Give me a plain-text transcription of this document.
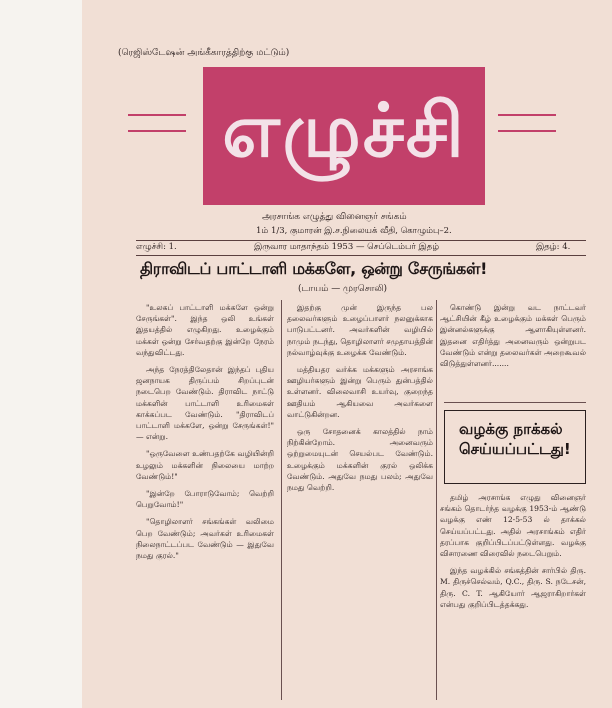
(ரெஜிஸ்டேஷன் அங்கீகாரத்திற்கு மட்டும்)
எழுச்சி
அரசாங்க எழுத்து வினைஞர் சங்கம்
1ம் 1/3, குமாரன் இ.ச.நிலையக் வீதி, கொழும்பு–2.
எழுச்சி: 1.	இருவார மாதாந்தம் 1953 — செப்டெம்பர் இதழ்	இதழ்: 4.
திராவிடப் பாட்டாளி மக்களே, ஒன்று சேருங்கள்!
(டாயம் — முரசொலி)

"உலகப் பாட்டாளி மக்களே ஒன்று சேருங்கள்". இந்த ஒலி உங்கள் இதயத்தில் எழுகிறது. உழைக்கும் மக்கள் ஒன்று சேர்வதற்கு இன்றே நேரம் வந்துவிட்டது.

அந்த நேரத்திலேதான் இந்தப் புதிய ஜனநாயக திருப்பம் சிறப்புடன் நடைபெற வேண்டும். திராவிட நாட்டு மக்களின் பாட்டாளி உரிமைகள் காக்கப்பட வேண்டும். "திராவிடப் பாட்டாளி மக்களே, ஒன்று சேருங்கள்!" — என்று.

"ஒருவேளை உண்பதற்கே வழியின்றி உழலும் மக்களின் நிலையை மாற்ற வேண்டும்!"

"இன்றே போராடுவோம்; வெற்றி பெறுவோம்!"

"தொழிலாளர் சங்கங்கள் வலிமை பெற வேண்டும்; அவர்கள் உரிமைகள் நிலைநாட்டப்பட வேண்டும் — இதுவே நமது குரல்."

இதற்கு முன் இருந்த பல தலைவர்களும் உழைப்பாளர் நலனுக்காக பாடுபட்டனர். அவர்களின் வழியில் நாமும் நடந்து, தொழிலாளர் சமுதாயத்தின் நல்வாழ்வுக்கு உழைக்க வேண்டும்.

மத்தியதர வர்க்க மக்களும் அரசாங்க ஊழியர்களும் இன்று பெரும் துன்பத்தில் உள்ளனர். விலைவாசி உயர்வு, குறைந்த ஊதியம் ஆகியவை அவர்களை வாட்டுகின்றன.

ஒரு சோதனைக் காலத்தில் நாம் நிற்கின்றோம். அனைவரும் ஒற்றுமையுடன் செயல்பட வேண்டும். உழைக்கும் மக்களின் குரல் ஒலிக்க வேண்டும். அதுவே நமது பலம்; அதுவே நமது வெற்றி.

கொண்டு இன்று வட நாட்டவர் ஆட்சியின் கீழ் உழைக்கும் மக்கள் பெரும் இன்னல்களுக்கு ஆளாகியுள்ளனர். இதனை எதிர்த்து அனைவரும் ஒன்றுபட வேண்டும் என்று தலைவர்கள் அறைகூவல் விடுத்துள்ளனர்.......

வழக்கு நாக்கல் செய்யப்பட்டது!

தமிழ் அரசாங்க எழுது வினைஞர் சங்கம் தொடர்ந்த வழக்கு 1953-ம் ஆண்டு வழக்கு எண் 12-5-53 ல் தாக்கல் செய்யப்பட்டது. அதில் அரசாங்கம் எதிர் தரப்பாக குறிப்பிடப்பட்டுள்ளது. வழக்கு விசாரணை விரைவில் நடைபெறும்.

இந்த வழக்கில் சங்கத்தின் சார்பில் திரு. M. திருச்செல்வம், Q.C., திரு. S. நடேசன், திரு. C. T. ஆகியோர் ஆஜராகிறார்கள் என்பது குறிப்பிடத்தக்கது.
